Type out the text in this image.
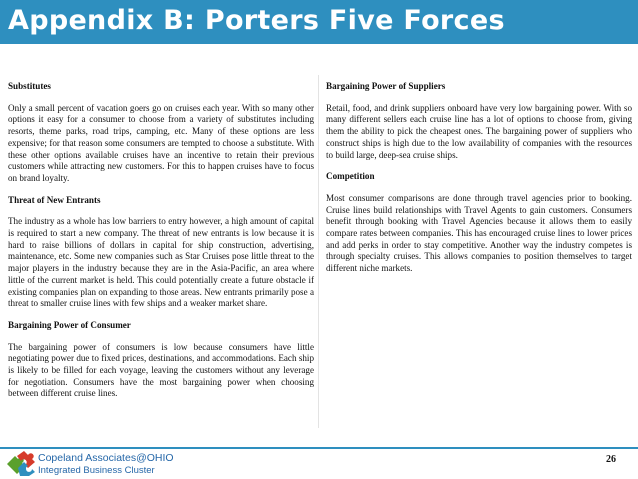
Appendix B: Porters Five Forces

Substitutes

Only a small percent of vacation goers go on cruises each year. With so many other options it easy for a consumer to choose from a variety of substitutes including resorts, theme parks, road trips, camping, etc. Many of these options are less expensive; for that reason some consumers are tempted to choose a substitute. With these other options available cruises have an incentive to retain their previous customers while attracting new customers. For this to happen cruises have to focus on brand loyalty.

Threat of New Entrants

The industry as a whole has low barriers to entry however, a high amount of capital is required to start a new company. The threat of new entrants is low because it is hard to raise billions of dollars in capital for ship construction, advertising, maintenance, etc. Some new companies such as Star Cruises pose little threat to the major players in the industry because they are in the Asia-Pacific, an area where little of the current market is held. This could potentially create a future obstacle if existing companies plan on expanding to those areas. New entrants primarily pose a threat to smaller cruise lines with few ships and a weaker market share.

Bargaining Power of Consumer

The bargaining power of consumers is low because consumers have little negotiating power due to fixed prices, destinations, and accommodations. Each ship is likely to be filled for each voyage, leaving the customers without any leverage for negotiation. Consumers have the most bargaining power when choosing between different cruise lines.

Bargaining Power of Suppliers

Retail, food, and drink suppliers onboard have very low bargaining power. With so many different sellers each cruise line has a lot of options to choose from, giving them the ability to pick the cheapest ones. The bargaining power of suppliers who construct ships is high due to the low availability of companies with the resources to build large, deep-sea cruise ships.

Competition

Most consumer comparisons are done through travel agencies prior to booking. Cruise lines build relationships with Travel Agents to gain customers. Consumers benefit through booking with Travel Agencies because it allows them to easily compare rates between companies. This has encouraged cruise lines to lower prices and add perks in order to stay competitive. Another way the industry competes is through specialty cruises. This allows companies to position themselves to target different niche markets.

Copeland Associates@OHIO
Integrated Business Cluster
26
